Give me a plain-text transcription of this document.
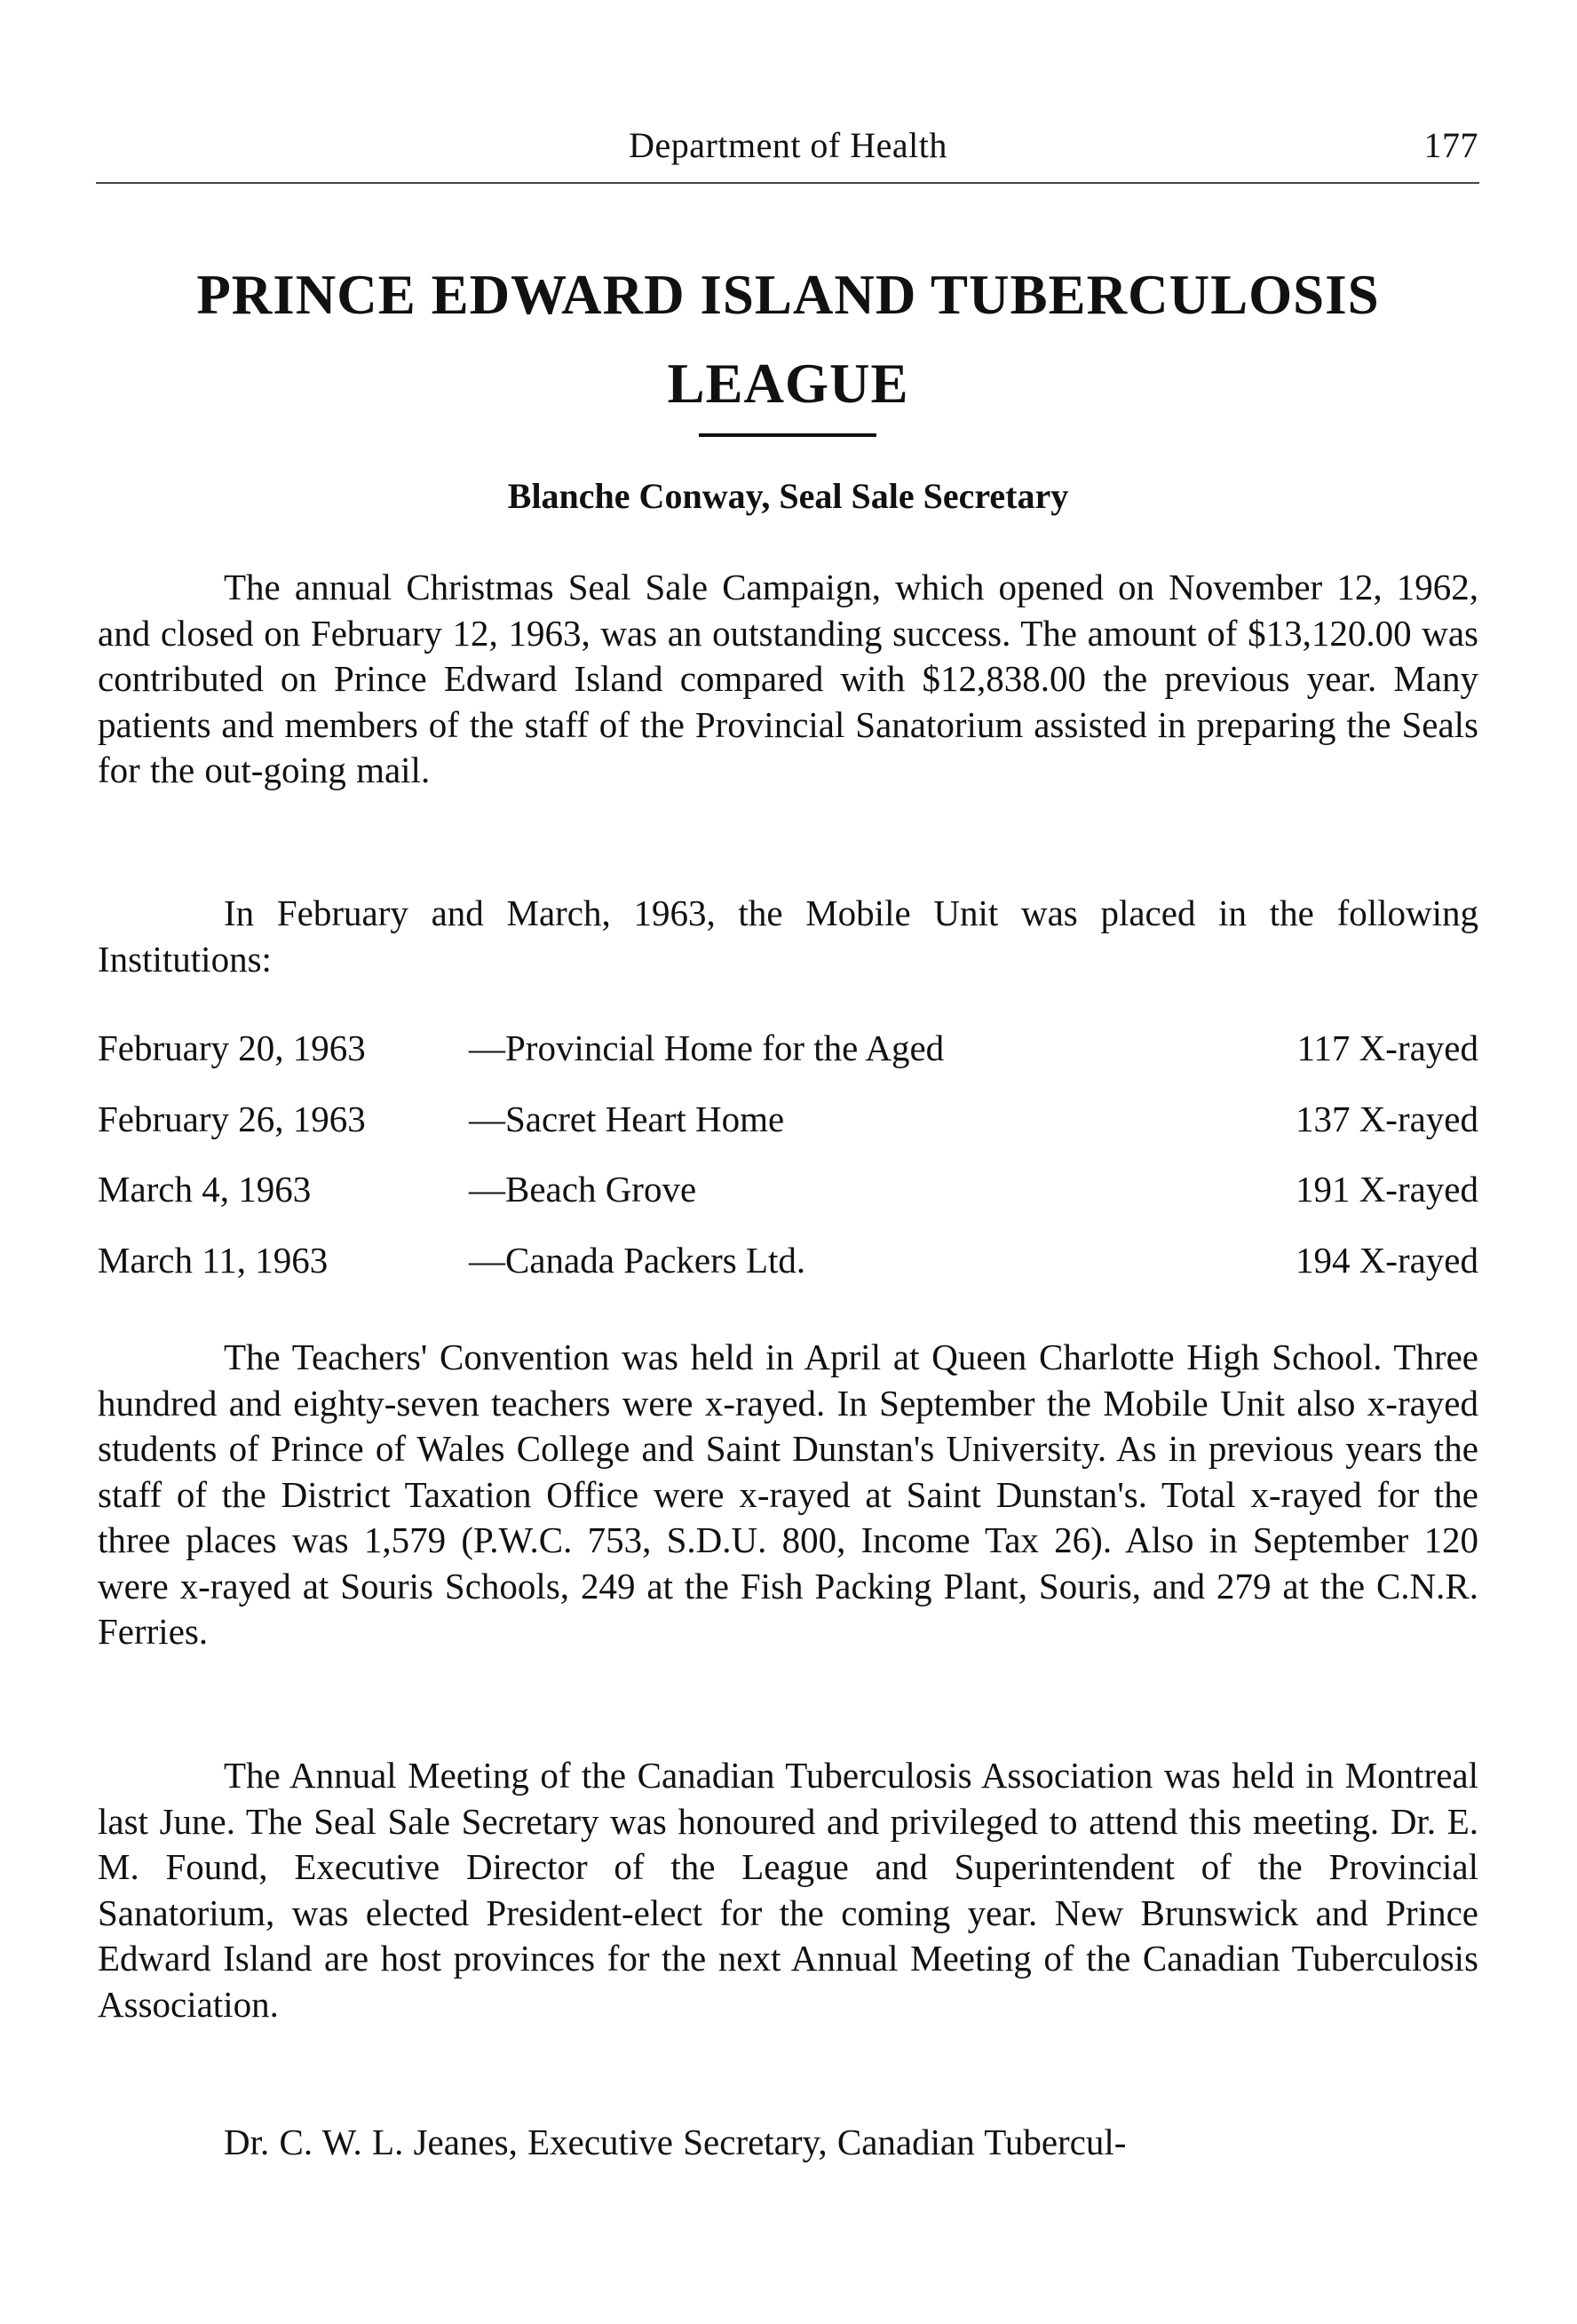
Department of Health	177
PRINCE EDWARD ISLAND TUBERCULOSIS LEAGUE
Blanche Conway, Seal Sale Secretary

The annual Christmas Seal Sale Campaign, which opened on November 12, 1962, and closed on February 12, 1963, was an outstanding success. The amount of $13,120.00 was contributed on Prince Edward Island compared with $12,838.00 the previous year. Many patients and members of the staff of the Provincial Sanatorium assisted in preparing the Seals for the out-going mail.

In February and March, 1963, the Mobile Unit was placed in the following Institutions:

February 20, 1963	—Provincial Home for the Aged	117 X-rayed
February 26, 1963	—Sacret Heart Home	137 X-rayed
March 4, 1963	—Beach Grove	191 X-rayed
March 11, 1963	—Canada Packers Ltd.	194 X-rayed

The Teachers' Convention was held in April at Queen Charlotte High School. Three hundred and eighty-seven teachers were x-rayed. In September the Mobile Unit also x-rayed students of Prince of Wales College and Saint Dunstan's University. As in previous years the staff of the District Taxation Office were x-rayed at Saint Dunstan's. Total x-rayed for the three places was 1,579 (P.W.C. 753, S.D.U. 800, Income Tax 26). Also in September 120 were x-rayed at Souris Schools, 249 at the Fish Packing Plant, Souris, and 279 at the C.N.R. Ferries.

The Annual Meeting of the Canadian Tuberculosis Association was held in Montreal last June. The Seal Sale Secretary was honoured and privileged to attend this meeting. Dr. E. M. Found, Executive Director of the League and Superintendent of the Provincial Sanatorium, was elected President-elect for the coming year. New Brunswick and Prince Edward Island are host provinces for the next Annual Meeting of the Canadian Tuberculosis Association.

Dr. C. W. L. Jeanes, Executive Secretary, Canadian Tubercul-
